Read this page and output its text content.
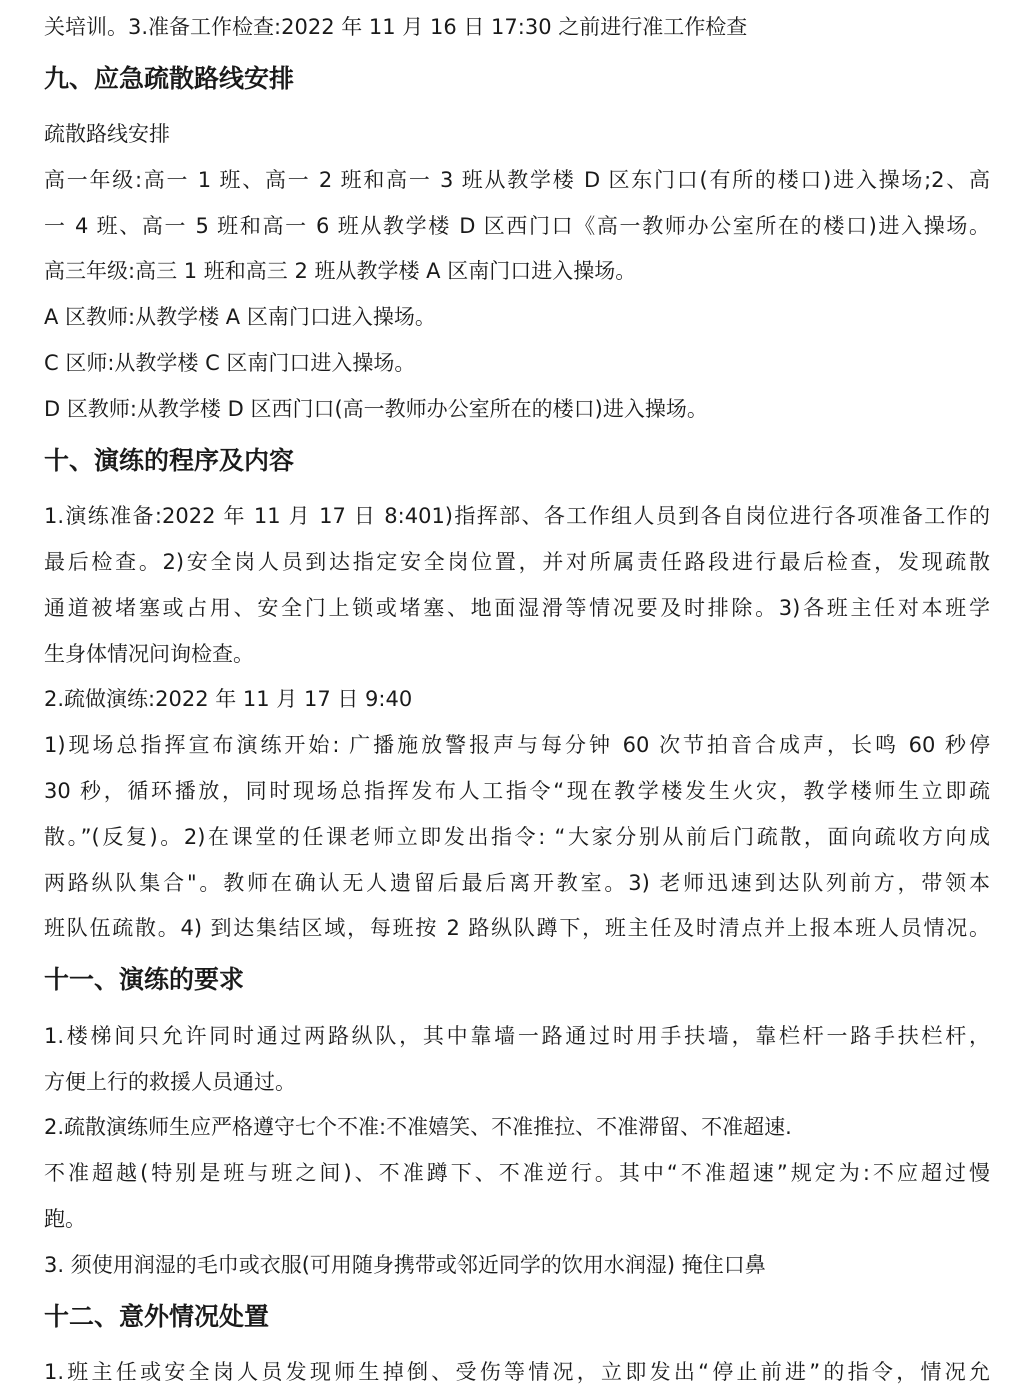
关培训。3.准备工作检查:2022 年 11 月 16 日 17:30 之前进行准工作检查
九、应急疏散路线安排
疏散路线安排
高一年级:高一 1 班、高一 2 班和高一 3 班从教学楼 D 区东门口(有所的楼口)进入操场;2、高
一 4 班、高一 5 班和高一 6 班从教学楼 D 区西门口《高一教师办公室所在的楼口)进入操场。
高三年级:高三 1 班和高三 2 班从教学楼 A 区南门口进入操场。
A 区教师:从教学楼 A 区南门口进入操场。
C 区师:从教学楼 C 区南门口进入操场。
D 区教师:从教学楼 D 区西门口(高一教师办公室所在的楼口)进入操场。
十、演练的程序及内容
1.演练准备:2022 年 11 月 17 日 8:401)指挥部、各工作组人员到各自岗位进行各项准备工作的
最后检查。2)安全岗人员到达指定安全岗位置，并对所属责任路段进行最后检查，发现疏散
通道被堵塞或占用、安全门上锁或堵塞、地面湿滑等情况要及时排除。3)各班主任对本班学
生身体情况问询检查。
2.疏做演练:2022 年 11 月 17 日 9:40
1)现场总指挥宣布演练开始: 广播施放警报声与每分钟 60 次节拍音合成声，长鸣 60 秒停
30 秒，循环播放，同时现场总指挥发布人工指令“现在教学楼发生火灾，教学楼师生立即疏
散。”(反复)。2)在课堂的任课老师立即发出指令: “大家分别从前后门疏散，面向疏收方向成
两路纵队集合"。教师在确认无人遗留后最后离开教室。3) 老师迅速到达队列前方，带领本
班队伍疏散。4) 到达集结区域，每班按 2 路纵队蹲下，班主任及时清点并上报本班人员情况。
十一、演练的要求
1.楼梯间只允许同时通过两路纵队，其中靠墙一路通过时用手扶墙，靠栏杆一路手扶栏杆，
方便上行的救援人员通过。
2.疏散演练师生应严格遵守七个不准:不准嬉笑、不准推拉、不准滞留、不准超速.
不准超越(特别是班与班之间)、不准蹲下、不准逆行。其中“不准超速”规定为:不应超过慢
跑。
3. 须使用润湿的毛巾或衣服(可用随身携带或邻近同学的饮用水润湿) 掩住口鼻
十二、意外情况处置
1.班主任或安全岗人员发现师生掉倒、受伤等情况，立即发出“停止前进”的指令，情况允
